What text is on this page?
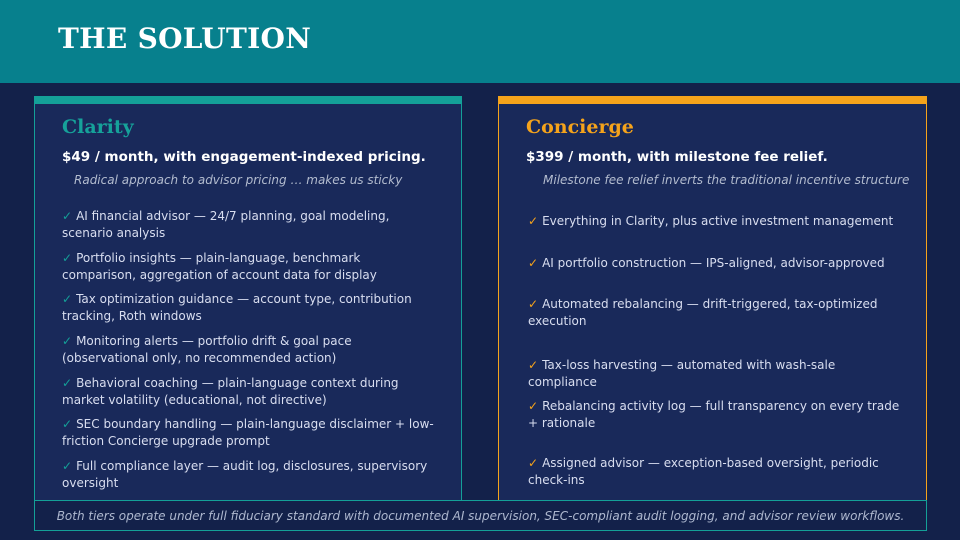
THE SOLUTION
Clarity

$49 / month, with engagement-indexed pricing.

Radical approach to advisor pricing … makes us sticky

✓ AI financial advisor — 24/7 planning, goal modeling, scenario analysis
✓ Portfolio insights — plain-language, benchmark comparison, aggregation of account data for display
✓ Tax optimization guidance — account type, contribution tracking, Roth windows
✓ Monitoring alerts — portfolio drift & goal pace (observational only, no recommended action)
✓ Behavioral coaching — plain-language context during market volatility (educational, not directive)
✓ SEC boundary handling — plain-language disclaimer + low-friction Concierge upgrade prompt
✓ Full compliance layer — audit log, disclosures, supervisory oversight
Concierge

$399 / month, with milestone fee relief.

Milestone fee relief inverts the traditional incentive structure

✓ Everything in Clarity, plus active investment management
✓ AI portfolio construction — IPS-aligned, advisor-approved
✓ Automated rebalancing — drift-triggered, tax-optimized execution
✓ Tax-loss harvesting — automated with wash-sale compliance
✓ Rebalancing activity log — full transparency on every trade + rationale
✓ Assigned advisor — exception-based oversight, periodic check-ins
Both tiers operate under full fiduciary standard with documented AI supervision, SEC-compliant audit logging, and advisor review workflows.
